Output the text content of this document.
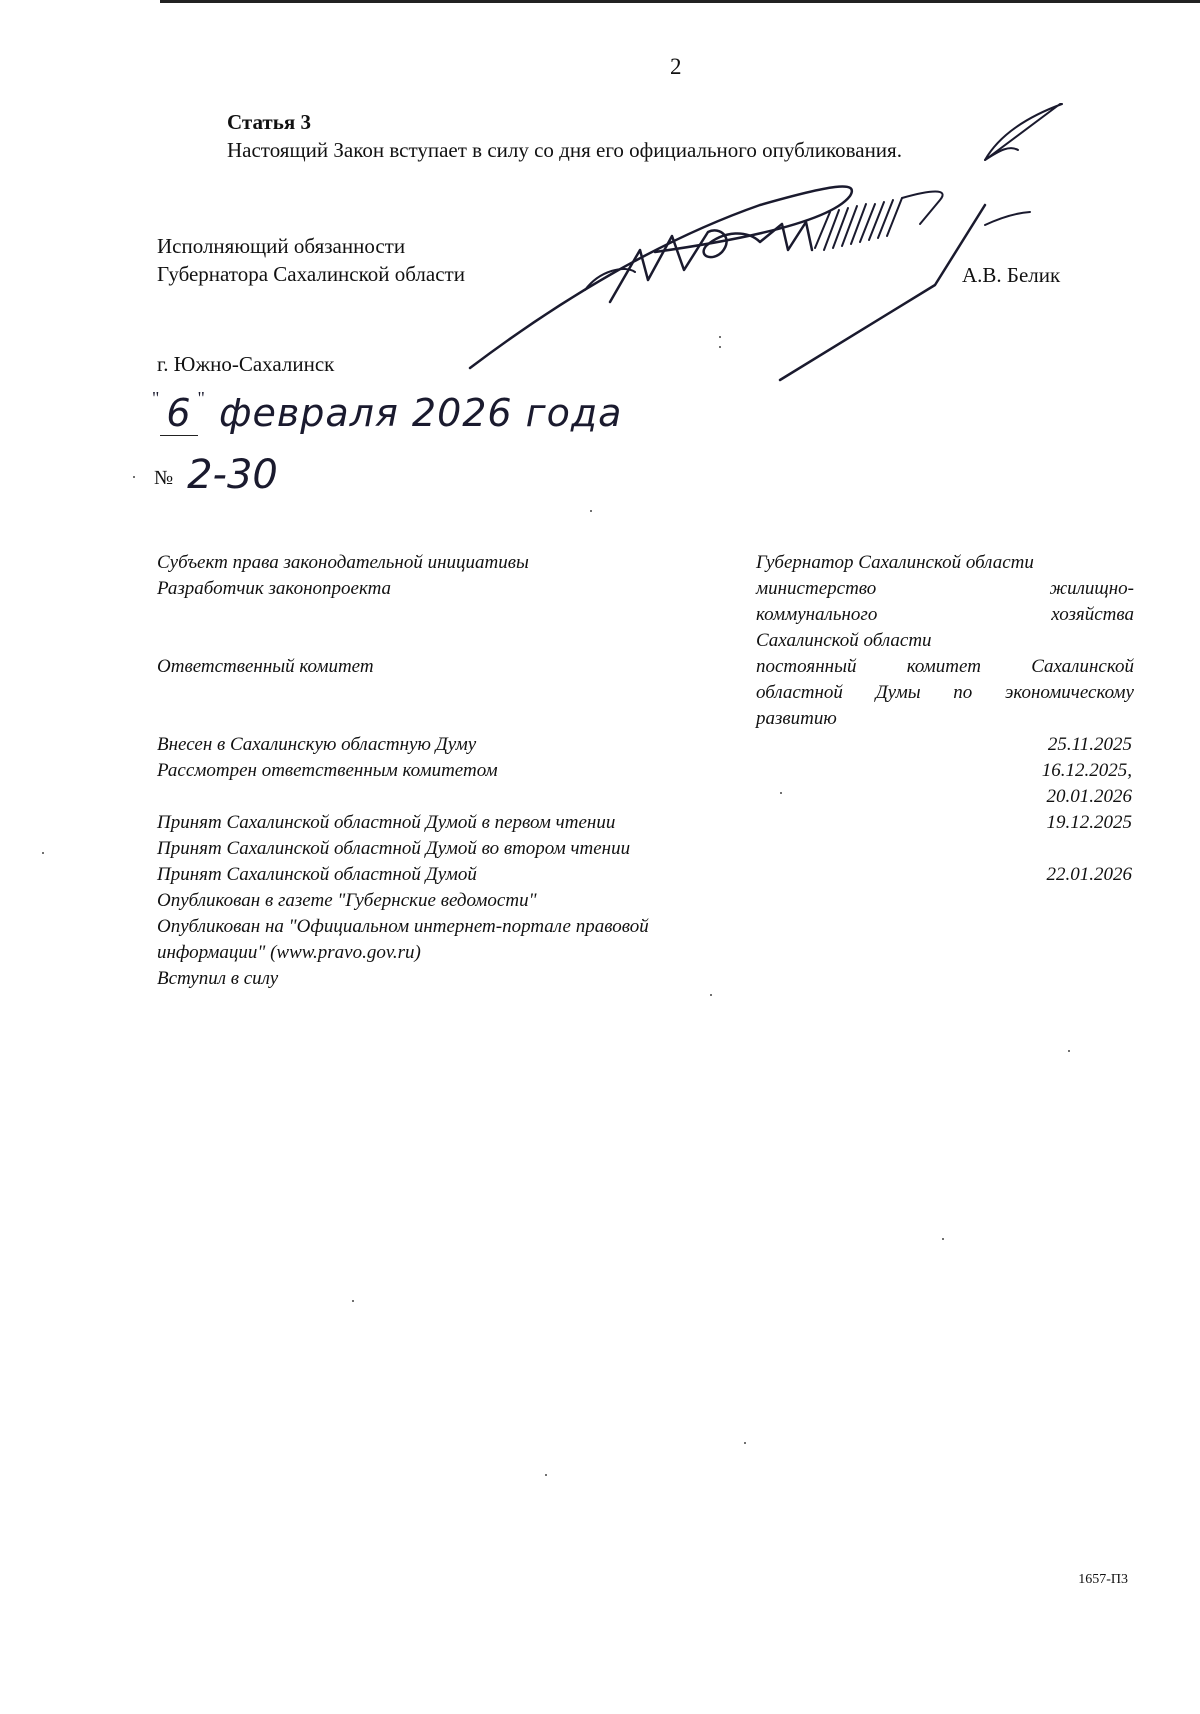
2
Статья 3
Настоящий Закон вступает в силу со дня его официального опубликования.
Исполняющий обязанности
Губернатора Сахалинской области	А.В. Белик
г. Южно-Сахалинск
" 6 " февраля 2026 года
№ 2-30
Субъект права законодательной инициативы	Губернатор Сахалинской области
Разработчик законопроекта	министерство жилищно-
коммунального хозяйства
Сахалинской области
Ответственный комитет	постоянный комитет Сахалинской
областной Думы по экономическому
развитию
Внесен в Сахалинскую областную Думу	25.11.2025
Рассмотрен ответственным комитетом	16.12.2025,
20.01.2026
Принят Сахалинской областной Думой в первом чтении	19.12.2025
Принят Сахалинской областной Думой во втором чтении
Принят Сахалинской областной Думой	22.01.2026
Опубликован в газете "Губернские ведомости"
Опубликован на "Официальном интернет-портале правовой
информации" (www.pravo.gov.ru)
Вступил в силу
1657-П3
